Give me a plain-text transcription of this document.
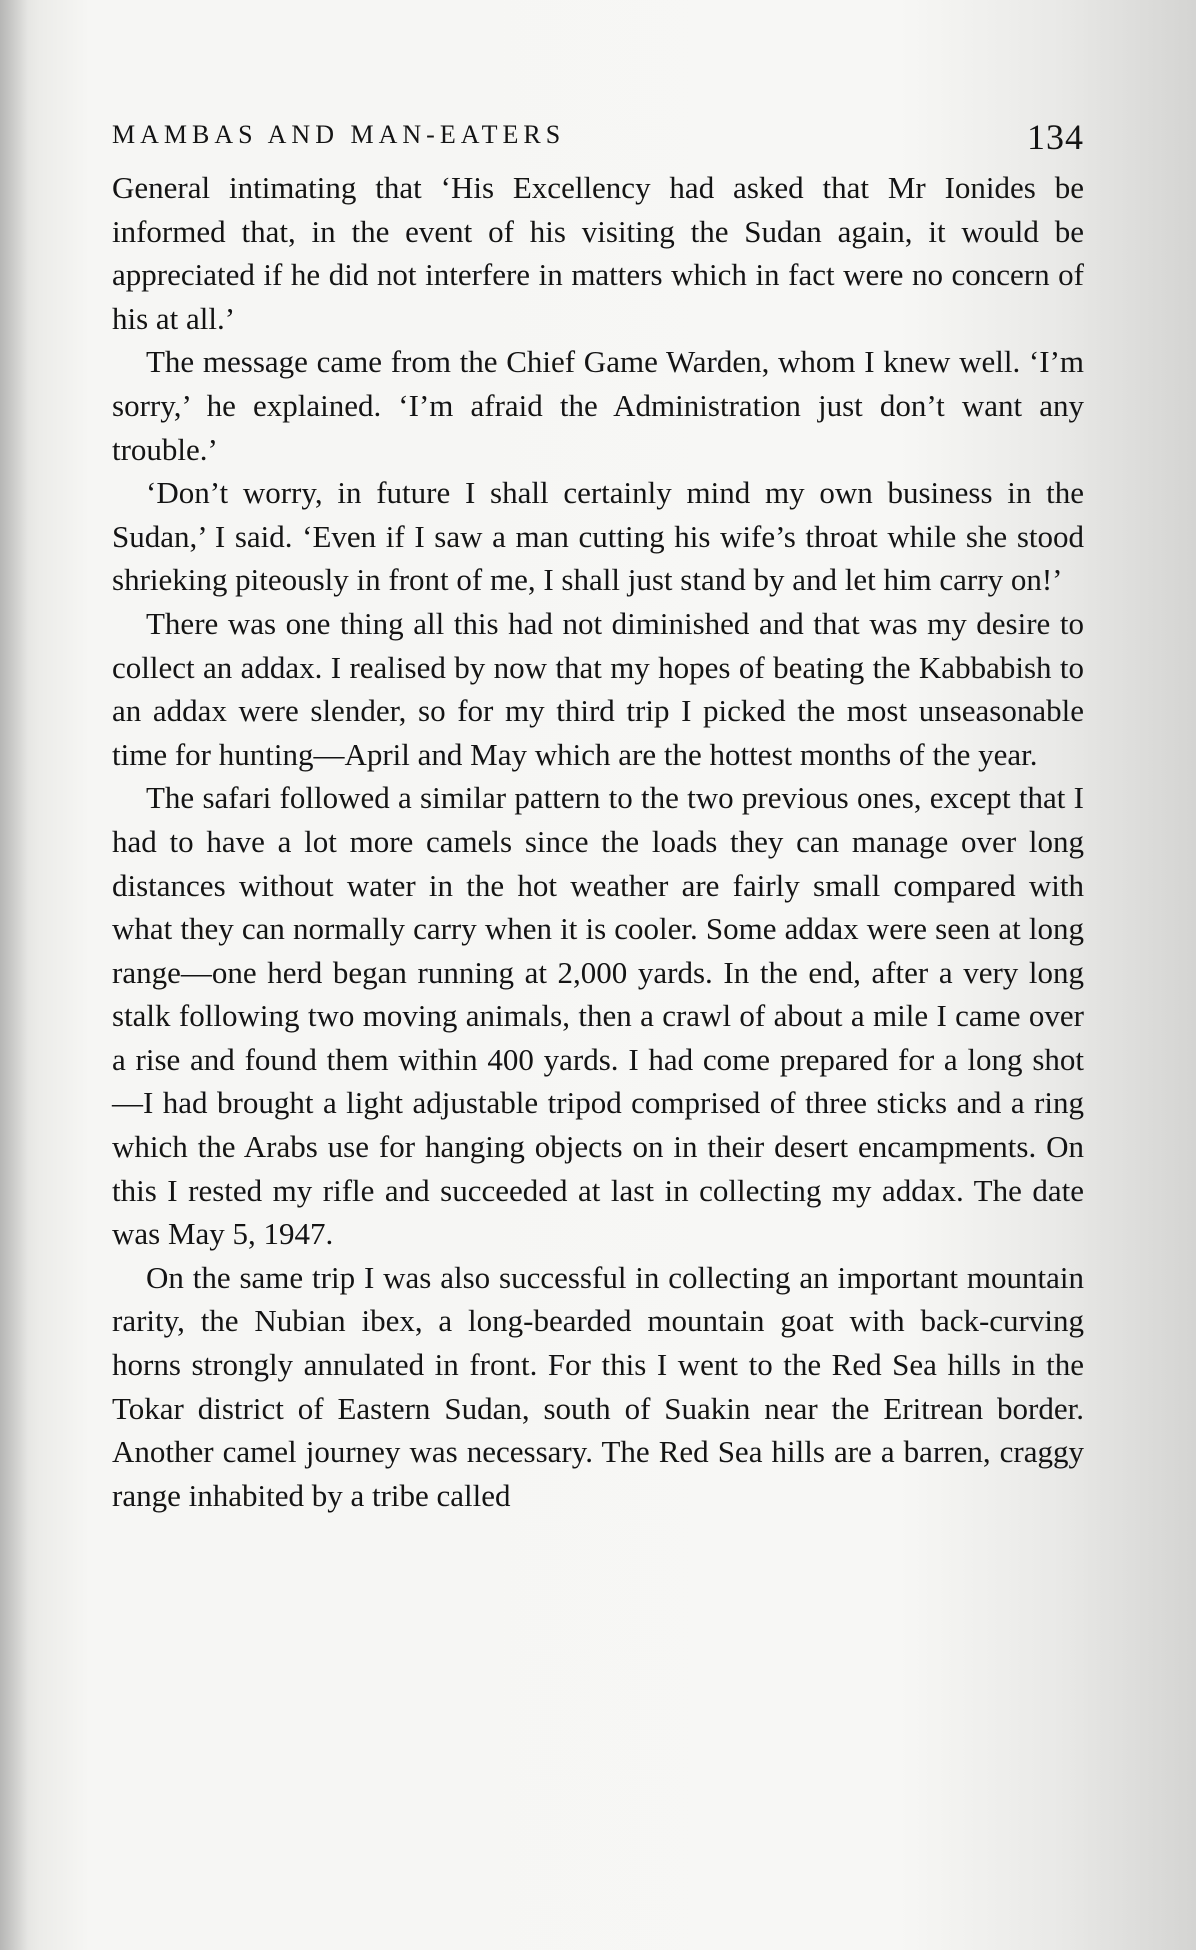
MAMBAS AND MAN-EATERS	134

General intimating that ‘His Excellency had asked that Mr Ionides be informed that, in the event of his visiting the Sudan again, it would be appreciated if he did not interfere in matters which in fact were no concern of his at all.’

The message came from the Chief Game Warden, whom I knew well. ‘I’m sorry,’ he explained. ‘I’m afraid the Administration just don’t want any trouble.’

‘Don’t worry, in future I shall certainly mind my own business in the Sudan,’ I said. ‘Even if I saw a man cutting his wife’s throat while she stood shrieking piteously in front of me, I shall just stand by and let him carry on!’

There was one thing all this had not diminished and that was my desire to collect an addax. I realised by now that my hopes of beating the Kabbabish to an addax were slender, so for my third trip I picked the most unseasonable time for hunting—April and May which are the hottest months of the year.

The safari followed a similar pattern to the two previous ones, except that I had to have a lot more camels since the loads they can manage over long distances without water in the hot weather are fairly small compared with what they can normally carry when it is cooler. Some addax were seen at long range—one herd began running at 2,000 yards. In the end, after a very long stalk following two moving animals, then a crawl of about a mile I came over a rise and found them within 400 yards. I had come prepared for a long shot—I had brought a light adjustable tripod comprised of three sticks and a ring which the Arabs use for hanging objects on in their desert encampments. On this I rested my rifle and succeeded at last in collecting my addax. The date was May 5, 1947.

On the same trip I was also successful in collecting an important mountain rarity, the Nubian ibex, a long-bearded mountain goat with back-curving horns strongly annulated in front. For this I went to the Red Sea hills in the Tokar district of Eastern Sudan, south of Suakin near the Eritrean border. Another camel journey was necessary. The Red Sea hills are a barren, craggy range inhabited by a tribe called
